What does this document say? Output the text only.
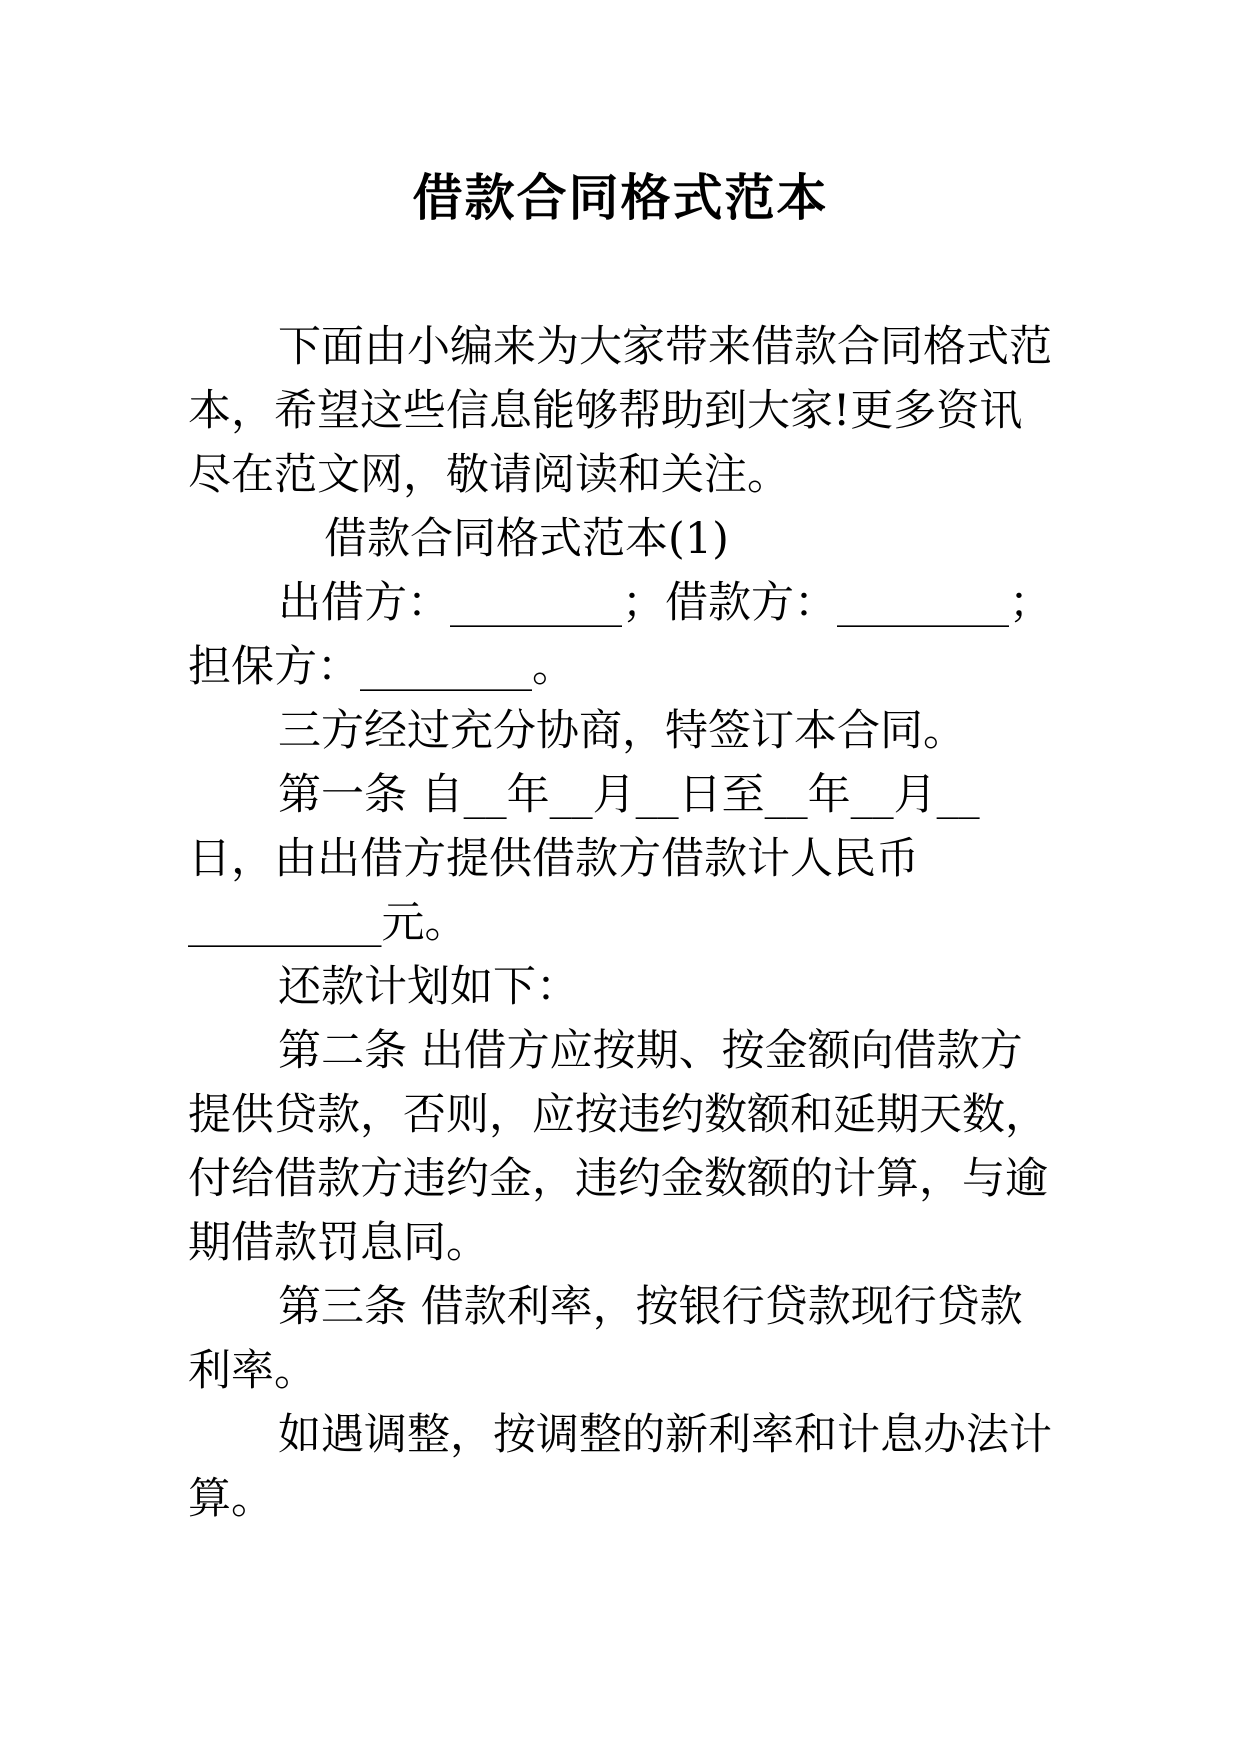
借款合同格式范本

下面由小编来为大家带来借款合同格式范本，希望这些信息能够帮助到大家!更多资讯尽在范文网，敬请阅读和关注。

借款合同格式范本(1)

出借方：________；借款方：________；担保方：________。

三方经过充分协商，特签订本合同。

第一条 自__年__月__日至__年__月__日，由出借方提供借款方借款计人民币

_________元。

还款计划如下：

第二条 出借方应按期、按金额向借款方提供贷款，否则，应按违约数额和延期天数，付给借款方违约金，违约金数额的计算，与逾期借款罚息同。

第三条 借款利率，按银行贷款现行贷款利率。

如遇调整，按调整的新利率和计息办法计算。
